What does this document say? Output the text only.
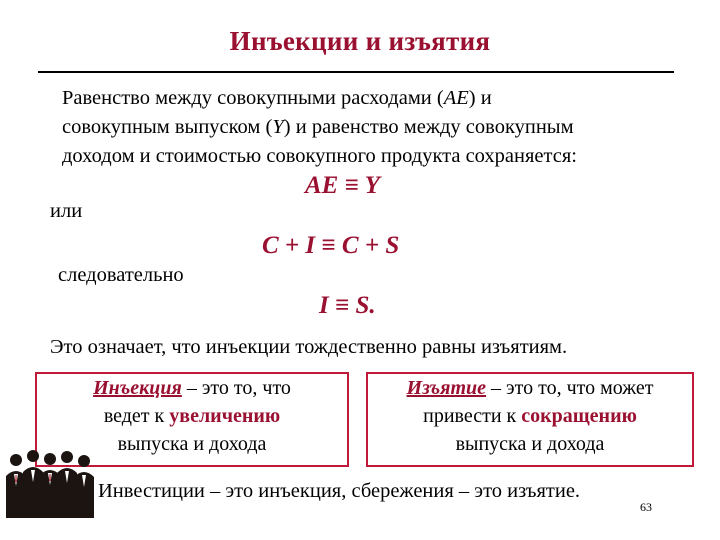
Инъекции и изъятия
Равенство между совокупными расходами (AE) и
совокупным выпуском (Y) и равенство между совокупным
доходом и стоимостью совокупного продукта сохраняется:
AE ≡ Y
или
C + I ≡ C + S
следовательно
I ≡ S.
Это означает, что инъекции тождественно равны изъятиям.
Инъекция – это то, что
ведет к увеличению
выпуска и дохода
Изъятие – это то, что может
привести к сокращению
выпуска и дохода
Инвестиции – это инъекция, сбережения – это изъятие.
63
